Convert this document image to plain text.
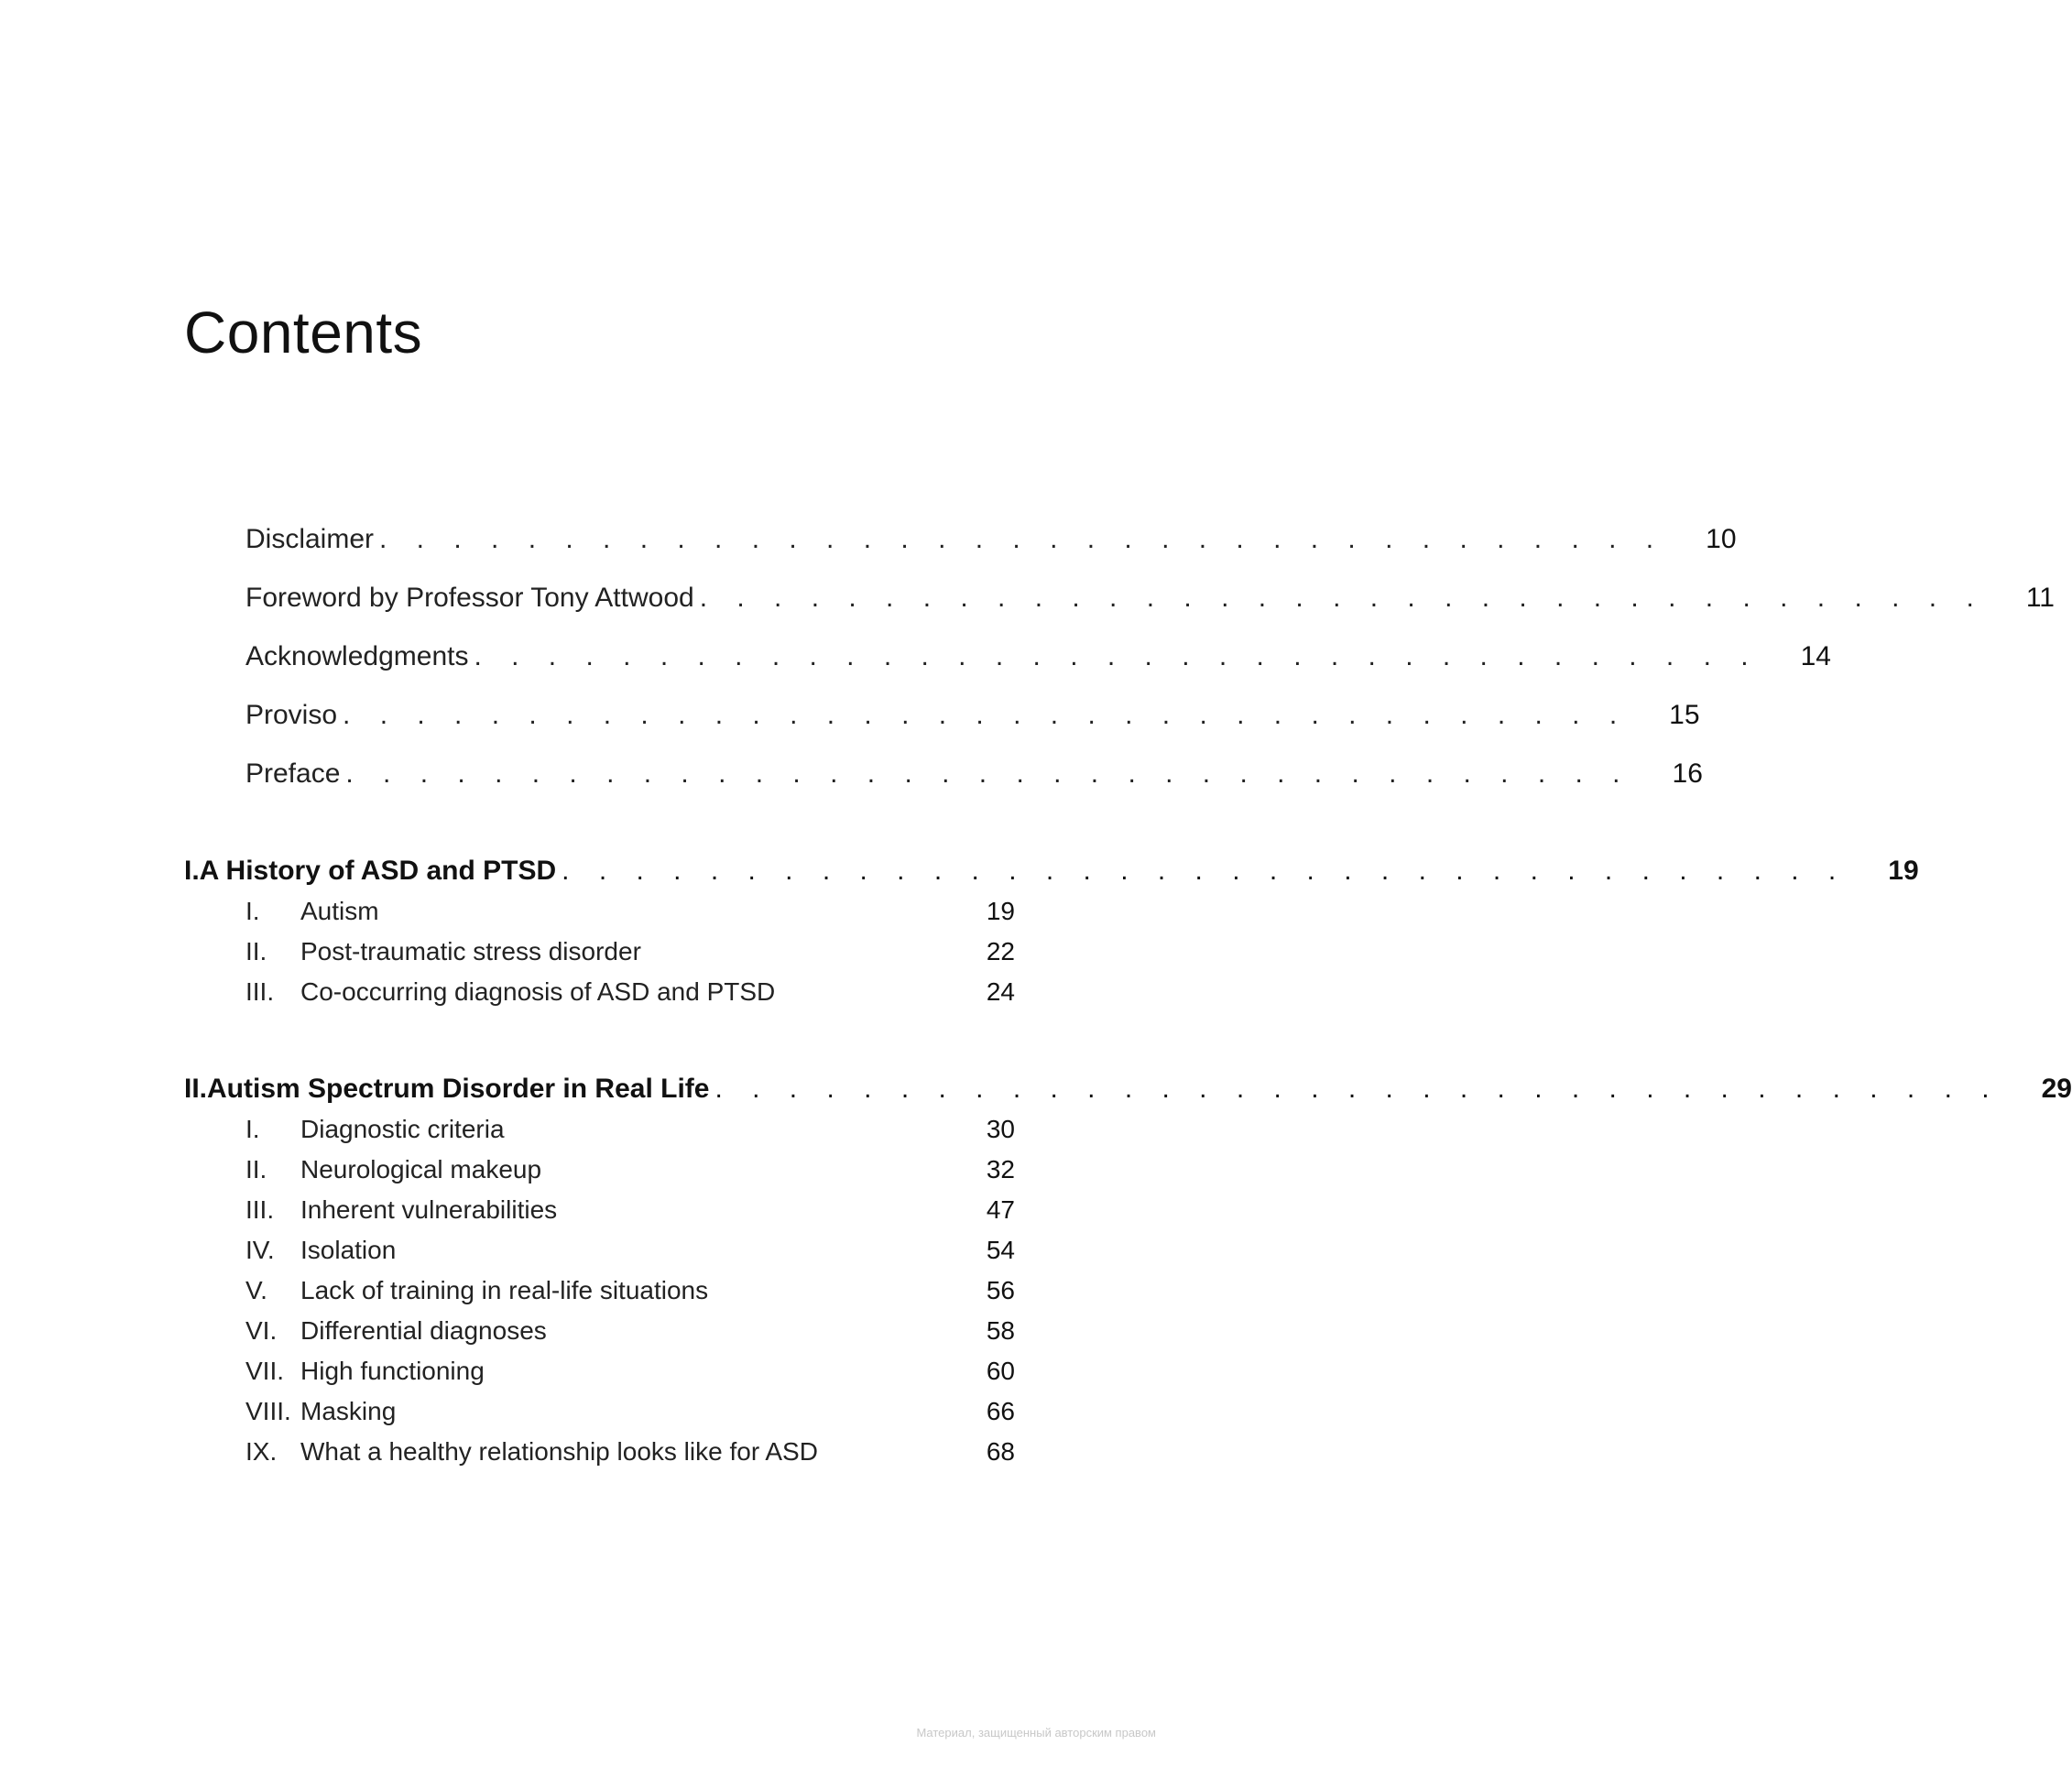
Contents
Disclaimer . . . . . . . . . . . . . . . . . . . . . . . . . . . . . . . . . . . 10
Foreword by Professor Tony Attwood . . . . . . . . . . . . . . . . . . . . . . . . . . . . . . . . . . . 11
Acknowledgments . . . . . . . . . . . . . . . . . . . . . . . . . . . . . . . . . . . 14
Proviso . . . . . . . . . . . . . . . . . . . . . . . . . . . . . . . . . . . 15
Preface . . . . . . . . . . . . . . . . . . . . . . . . . . . . . . . . . . . 16
I. A History of ASD and PTSD . . . . . . . . . . . . . . . . . . . . . . . . . . . . . . . . . . . 19
I.	Autism	19
II.	Post-traumatic stress disorder	22
III.	Co-occurring diagnosis of ASD and PTSD	24
II. Autism Spectrum Disorder in Real Life . . . . . . . . . . . . . . . . . . . . . . . . . . . . . . . . . . . 29
I.	Diagnostic criteria	30
II.	Neurological makeup	32
III.	Inherent vulnerabilities	47
IV.	Isolation	54
V.	Lack of training in real-life situations	56
VI. Differential diagnoses	58
VII. High functioning	60
VIII. Masking	66
IX. What a healthy relationship looks like for ASD	68
Материал, защищенный авторским правом
